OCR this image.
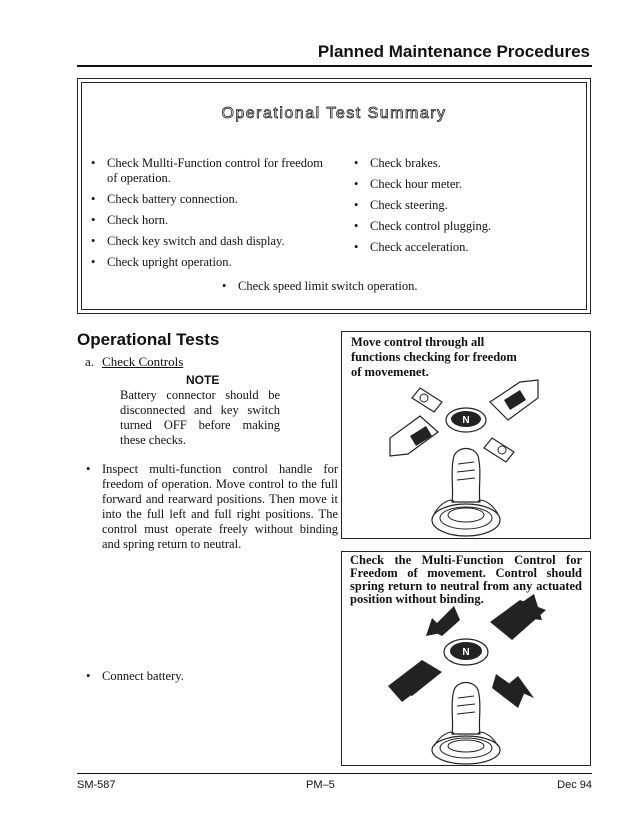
Planned Maintenance Procedures
Operational Test Summary
• Check Mullti-Function control for freedom of operation.
• Check battery connection.
• Check horn.
• Check key switch and dash display.
• Check upright operation.
• Check brakes.
• Check hour meter.
• Check steering.
• Check control plugging.
• Check acceleration.
• Check speed limit switch operation.
Operational Tests
a. Check Controls
NOTE
Battery connector should be disconnected and key switch turned OFF before making these checks.
• Inspect multi-function control handle for freedom of operation. Move control to the full forward and rearward positions. Then move it into the full left and full right positions. The control must operate freely without binding and spring return to neutral.
• Connect battery.
Move control through all functions checking for freedom of movemenet.
N
Check the Multi-Function Control for Freedom of movement. Control should spring return to neutral from any actuated position without binding.
N
SM-587	PM–5	Dec 94
